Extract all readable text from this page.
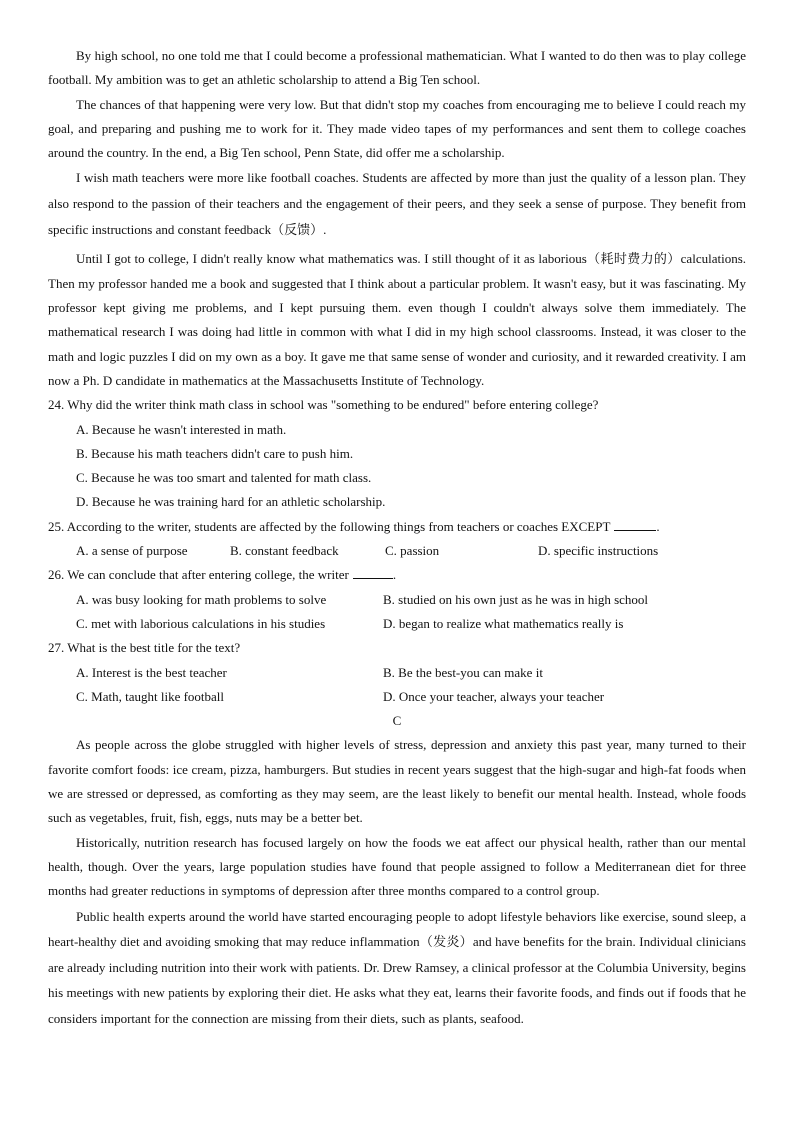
By high school, no one told me that I could become a professional mathematician. What I wanted to do then was to play college football. My ambition was to get an athletic scholarship to attend a Big Ten school.

The chances of that happening were very low. But that didn't stop my coaches from encouraging me to believe I could reach my goal, and preparing and pushing me to work for it. They made video tapes of my performances and sent them to college coaches around the country. In the end, a Big Ten school, Penn State, did offer me a scholarship.

I wish math teachers were more like football coaches. Students are affected by more than just the quality of a lesson plan. They also respond to the passion of their teachers and the engagement of their peers, and they seek a sense of purpose. They benefit from specific instructions and constant feedback（反馈）.

Until I got to college, I didn't really know what mathematics was. I still thought of it as laborious（耗时费力的）calculations. Then my professor handed me a book and suggested that I think about a particular problem. It wasn't easy, but it was fascinating. My professor kept giving me problems, and I kept pursuing them. even though I couldn't always solve them immediately. The mathematical research I was doing had little in common with what I did in my high school classrooms. Instead, it was closer to the math and logic puzzles I did on my own as a boy. It gave me that same sense of wonder and curiosity, and it rewarded creativity. I am now a Ph. D candidate in mathematics at the Massachusetts Institute of Technology.

24. Why did the writer think math class in school was "something to be endured" before entering college?

A. Because he wasn't interested in math.
B. Because his math teachers didn't care to push him.
C. Because he was too smart and talented for math class.
D. Because he was training hard for an athletic scholarship.

25. According to the writer, students are affected by the following things from teachers or coaches EXCEPT	.

A. a sense of purpose	B. constant feedback	C. passion	D. specific instructions

26. We can conclude that after entering college, the writer	.

A. was busy looking for math problems to solve	B. studied on his own just as he was in high school
C. met with laborious calculations in his studies	D. began to realize what mathematics really is

27. What is the best title for the text?

A. Interest is the best teacher	B. Be the best-you can make it
C. Math, taught like football	D. Once your teacher, always your teacher
C

As people across the globe struggled with higher levels of stress, depression and anxiety this past year, many turned to their favorite comfort foods: ice cream, pizza, hamburgers. But studies in recent years suggest that the high-sugar and high-fat foods when we are stressed or depressed, as comforting as they may seem, are the least likely to benefit our mental health. Instead, whole foods such as vegetables, fruit, fish, eggs, nuts may be a better bet.

Historically, nutrition research has focused largely on how the foods we eat affect our physical health, rather than our mental health, though. Over the years, large population studies have found that people assigned to follow a Mediterranean diet for three months had greater reductions in symptoms of depression after three months compared to a control group.

Public health experts around the world have started encouraging people to adopt lifestyle behaviors like exercise, sound sleep, a heart-healthy diet and avoiding smoking that may reduce inflammation（发炎）and have benefits for the brain. Individual clinicians are already including nutrition into their work with patients. Dr. Drew Ramsey, a clinical professor at the Columbia University, begins his meetings with new patients by exploring their diet. He asks what they eat, learns their favorite foods, and finds out if foods that he considers important for the connection are missing from their diets, such as plants, seafood.
